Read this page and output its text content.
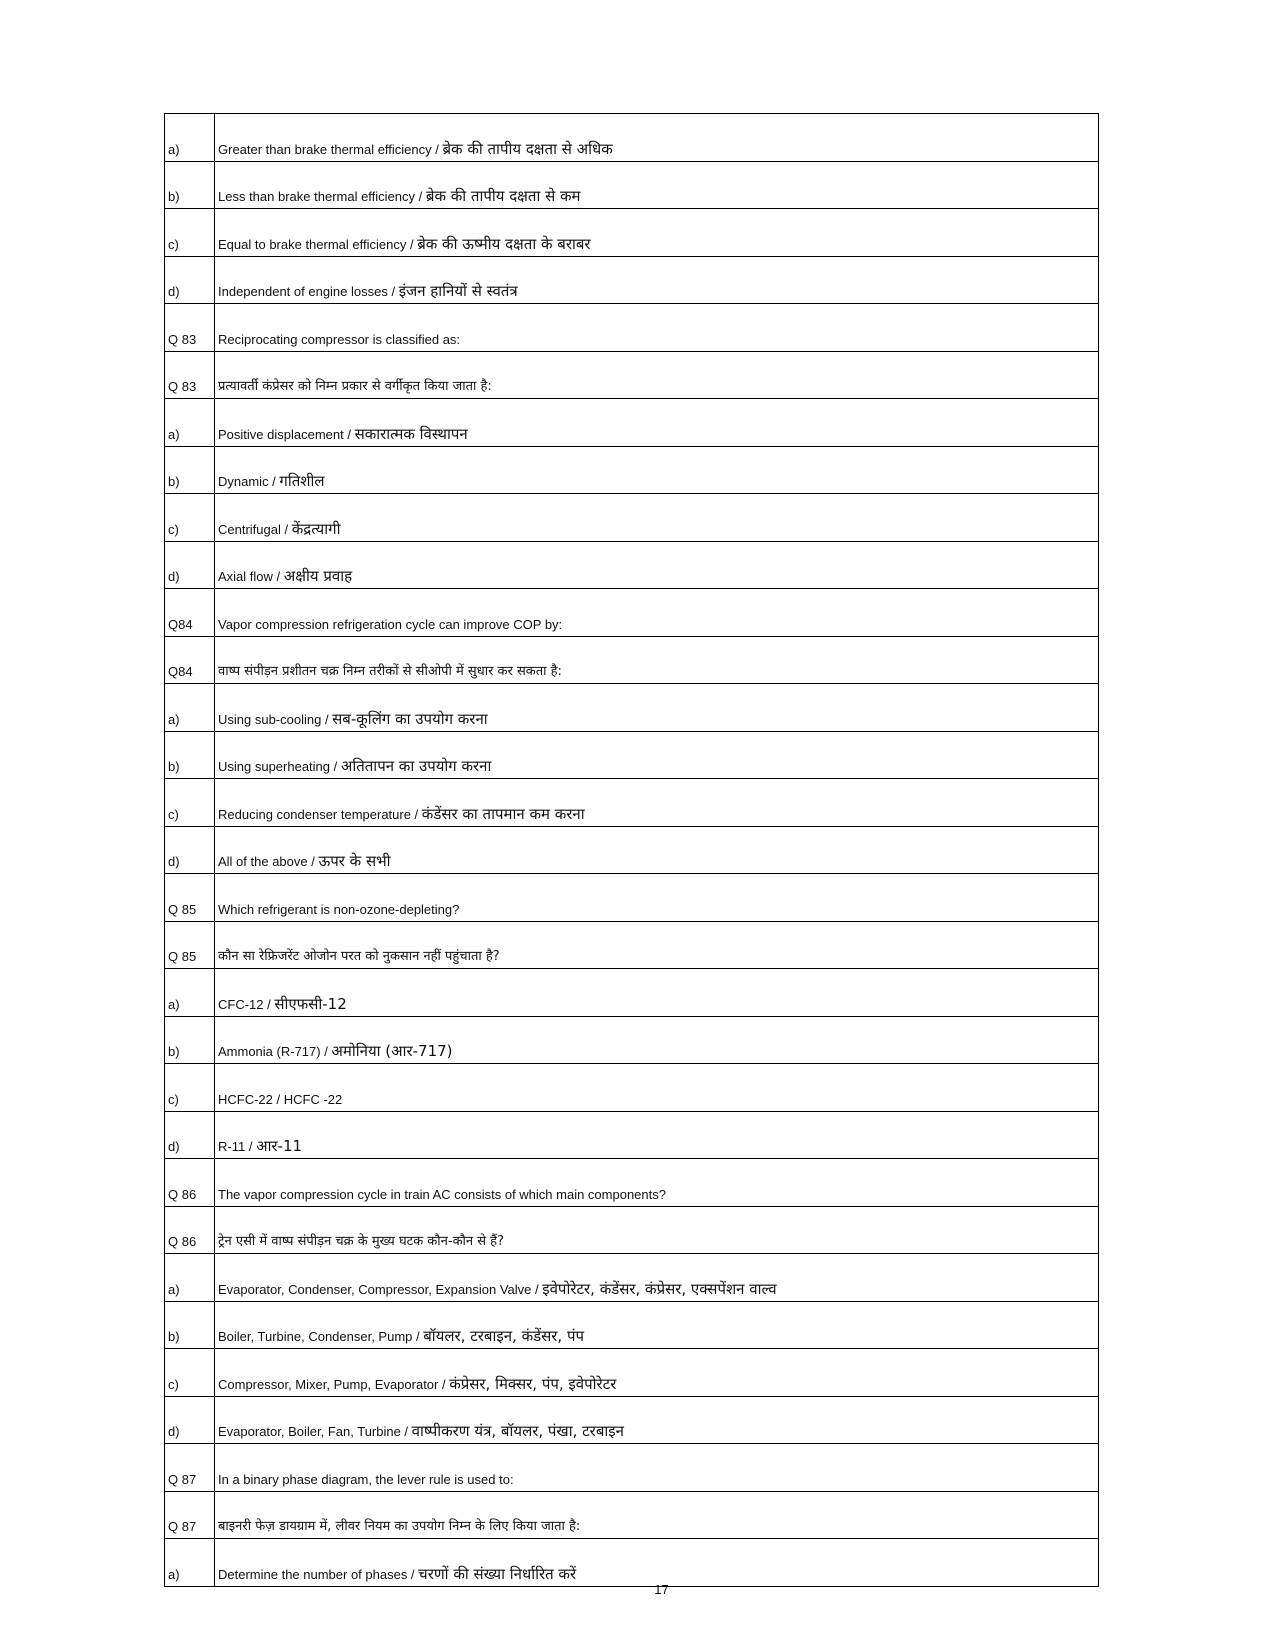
a)	Greater than brake thermal efficiency / ब्रेक की तापीय दक्षता से अधिक
b)	Less than brake thermal efficiency / ब्रेक की तापीय दक्षता से कम
c)	Equal to brake thermal efficiency / ब्रेक की ऊष्मीय दक्षता के बराबर
d)	Independent of engine losses / इंजन हानियों से स्वतंत्र
Q 83	Reciprocating compressor is classified as:
Q 83	प्रत्यावर्ती कंप्रेसर को निम्न प्रकार से वर्गीकृत किया जाता है:
a)	Positive displacement / सकारात्मक विस्थापन
b)	Dynamic / गतिशील
c)	Centrifugal / केंद्रत्यागी
d)	Axial flow / अक्षीय प्रवाह
Q84	Vapor compression refrigeration cycle can improve COP by:
Q84	वाष्प संपीड़न प्रशीतन चक्र निम्न तरीकों से सीओपी में सुधार कर सकता है:
a)	Using sub-cooling / सब-कूलिंग का उपयोग करना
b)	Using superheating / अतितापन का उपयोग करना
c)	Reducing condenser temperature / कंडेंसर का तापमान कम करना
d)	All of the above / ऊपर के सभी
Q 85	Which refrigerant is non-ozone-depleting?
Q 85	कौन सा रेफ्रिजरेंट ओजोन परत को नुकसान नहीं पहुंचाता है?
a)	CFC-12 / सीएफसी-12
b)	Ammonia (R-717) / अमोनिया (आर-717)
c)	HCFC-22 / HCFC -22
d)	R-11 / आर-11
Q 86	The vapor compression cycle in train AC consists of which main components?
Q 86	ट्रेन एसी में वाष्प संपीड़न चक्र के मुख्य घटक कौन-कौन से हैं?
a)	Evaporator, Condenser, Compressor, Expansion Valve / इवेपोरेटर, कंडेंसर, कंप्रेसर, एक्सपेंशन वाल्व
b)	Boiler, Turbine, Condenser, Pump / बॉयलर, टरबाइन, कंडेंसर, पंप
c)	Compressor, Mixer, Pump, Evaporator / कंप्रेसर, मिक्सर, पंप, इवेपोरेटर
d)	Evaporator, Boiler, Fan, Turbine / वाष्पीकरण यंत्र, बॉयलर, पंखा, टरबाइन
Q 87	In a binary phase diagram, the lever rule is used to:
Q 87	बाइनरी फेज़ डायग्राम में, लीवर नियम का उपयोग निम्न के लिए किया जाता है:
a)	Determine the number of phases / चरणों की संख्या निर्धारित करें
17
